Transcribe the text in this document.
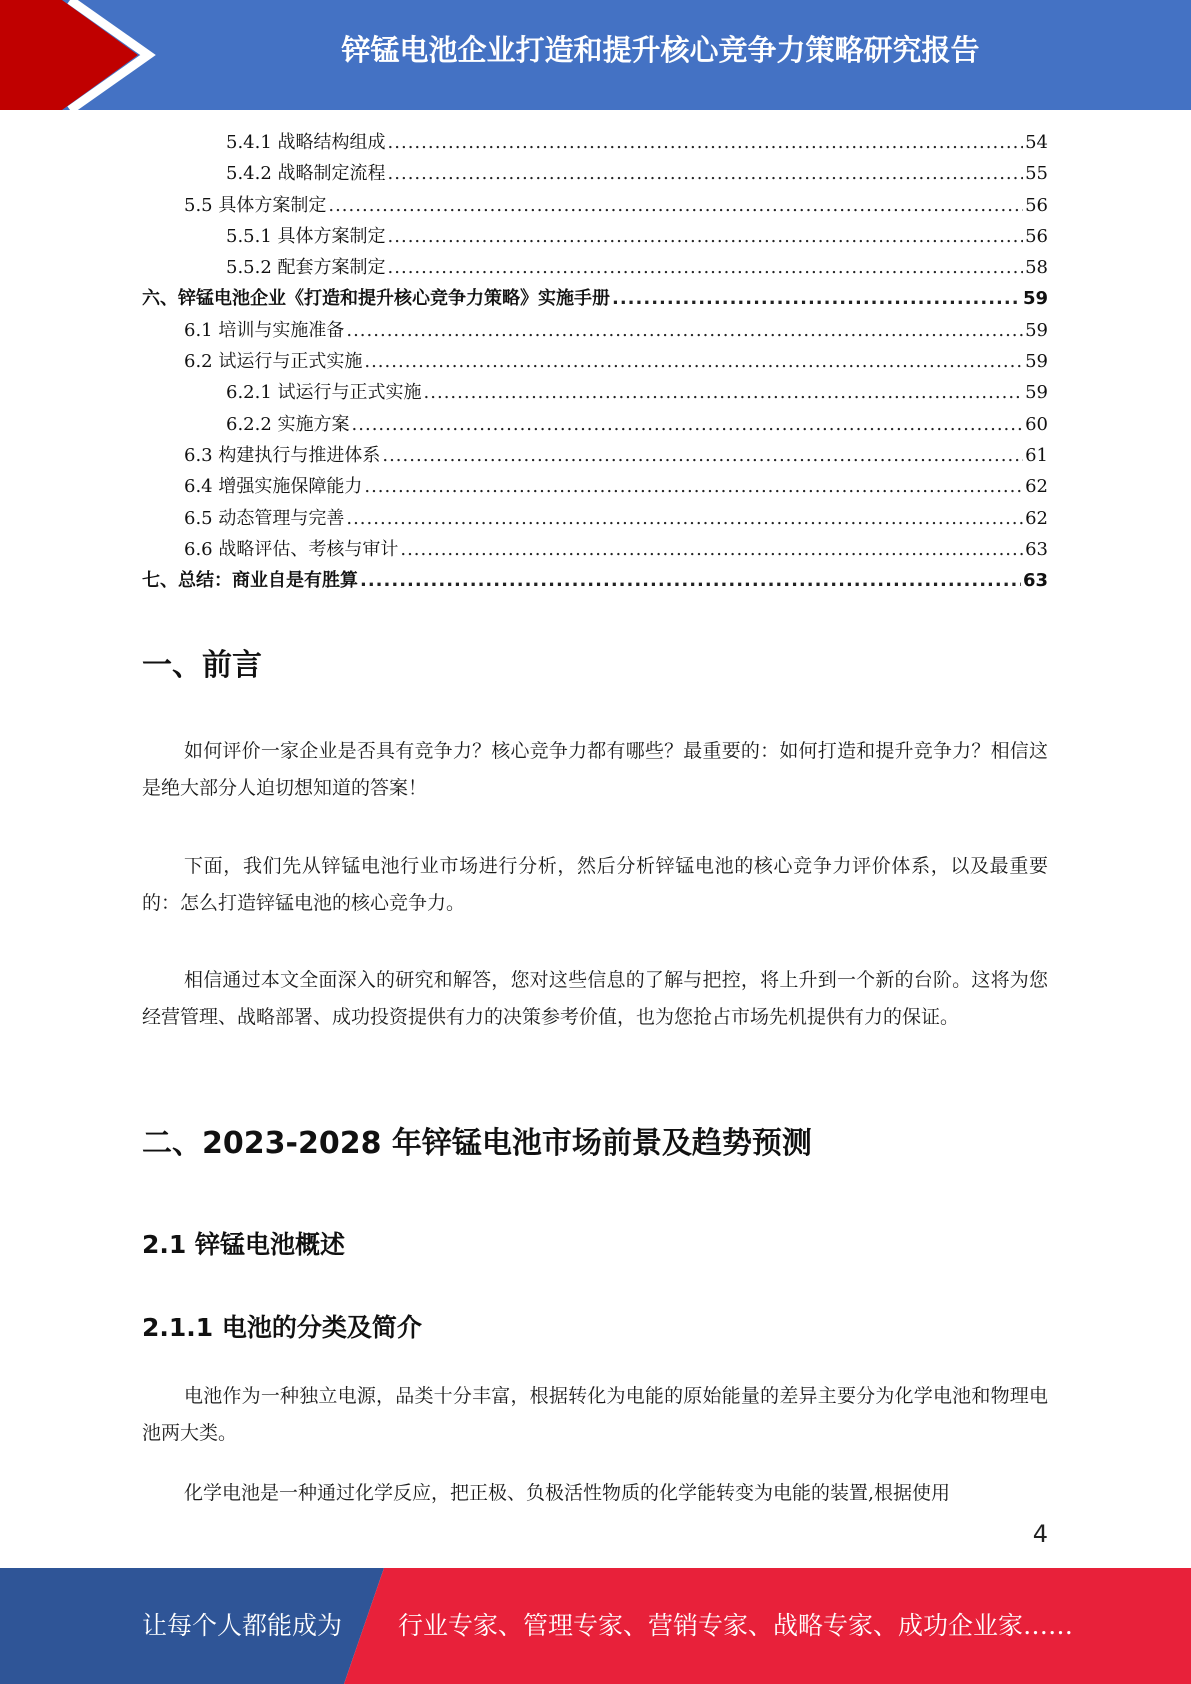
锌锰电池企业打造和提升核心竞争力策略研究报告
5.4.1 战略结构组成 .....	54
5.4.2 战略制定流程 .....	55
5.5 具体方案制定 .....	56
5.5.1 具体方案制定 .....	56
5.5.2 配套方案制定 .....	58
六、锌锰电池企业《打造和提升核心竞争力策略》实施手册 .....	59
6.1 培训与实施准备 .....	59
6.2 试运行与正式实施 .....	59
6.2.1 试运行与正式实施 .....	59
6.2.2 实施方案 .....	60
6.3 构建执行与推进体系 .....	61
6.4 增强实施保障能力 .....	62
6.5 动态管理与完善 .....	62
6.6 战略评估、考核与审计 .....	63
七、总结：商业自是有胜算 .....	63
一、前言
如何评价一家企业是否具有竞争力？核心竞争力都有哪些？最重要的：如何打造和提升竞争力？相信这是绝大部分人迫切想知道的答案！
下面，我们先从锌锰电池行业市场进行分析，然后分析锌锰电池的核心竞争力评价体系，以及最重要的：怎么打造锌锰电池的核心竞争力。
相信通过本文全面深入的研究和解答，您对这些信息的了解与把控，将上升到一个新的台阶。这将为您经营管理、战略部署、成功投资提供有力的决策参考价值，也为您抢占市场先机提供有力的保证。
二、2023-2028 年锌锰电池市场前景及趋势预测
2.1 锌锰电池概述
2.1.1 电池的分类及简介
电池作为一种独立电源，品类十分丰富，根据转化为电能的原始能量的差异主要分为化学电池和物理电池两大类。
化学电池是一种通过化学反应，把正极、负极活性物质的化学能转变为电能的装置,根据使用
4
让每个人都能成为 行业专家、管理专家、营销专家、战略专家、成功企业家……
